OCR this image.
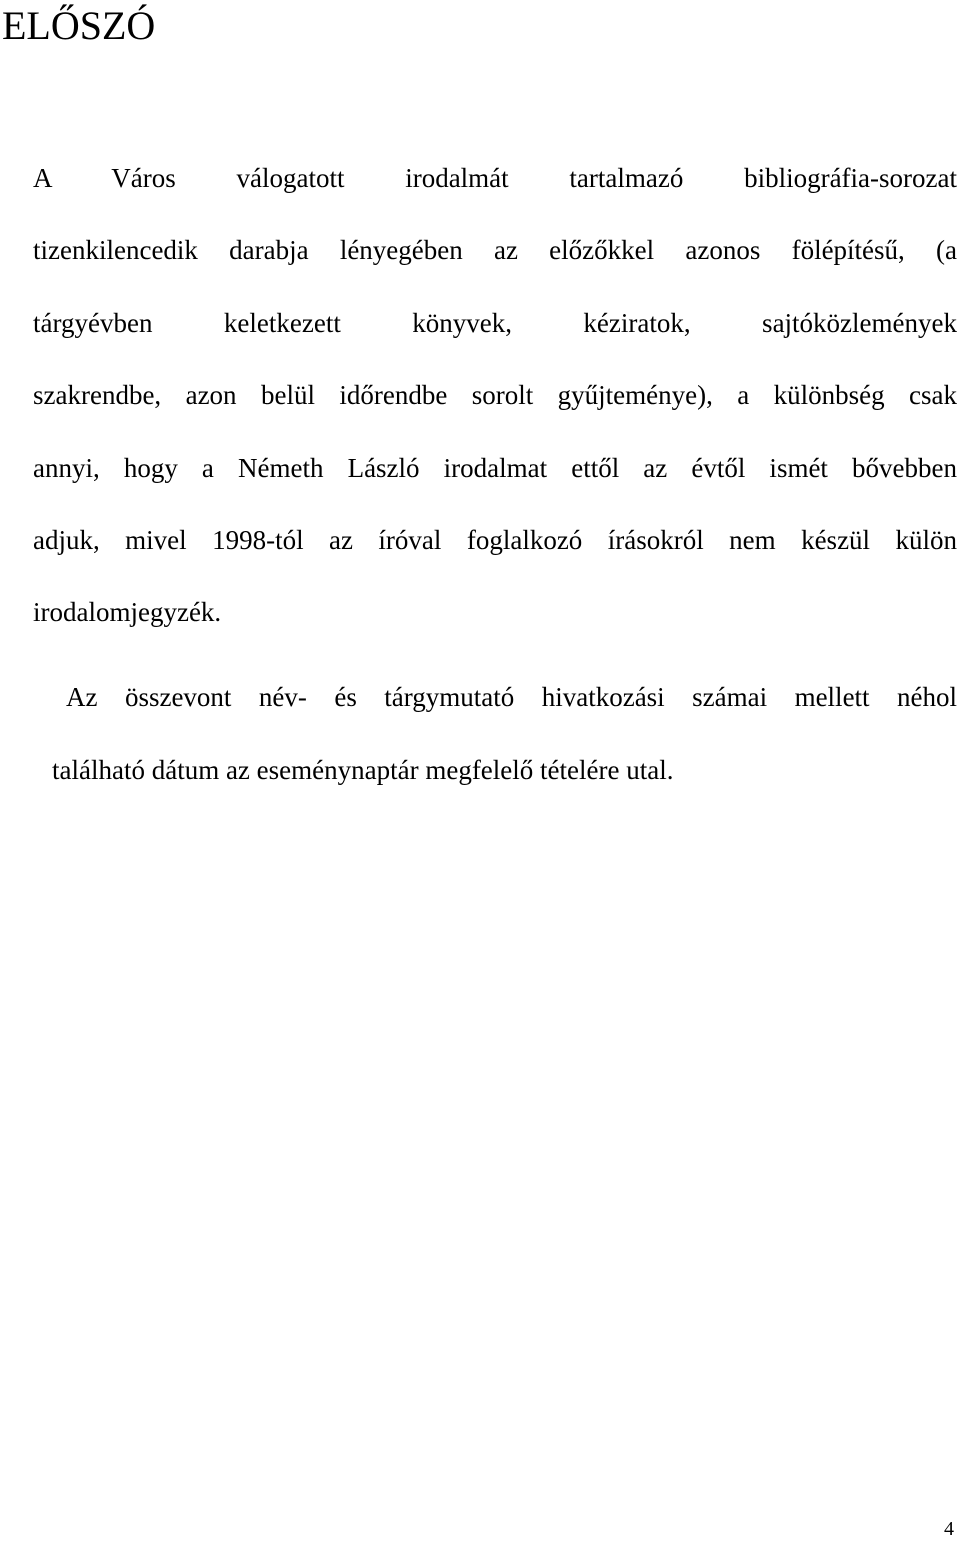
ELŐSZÓ

A Város válogatott irodalmát tartalmazó bibliográfia-sorozat

tizenkilencedik darabja lényegében az előzőkkel azonos fölépítésű, (a

tárgyévben keletkezett könyvek, kéziratok, sajtóközlemények

szakrendbe, azon belül időrendbe sorolt gyűjteménye), a különbség csak

annyi, hogy a Németh László irodalmat ettől az évtől ismét bővebben

adjuk, mivel 1998-tól az íróval foglalkozó írásokról nem készül külön

irodalomjegyzék.

Az összevont név- és tárgymutató hivatkozási számai mellett néhol

található dátum az eseménynaptár megfelelő tételére utal.

4
